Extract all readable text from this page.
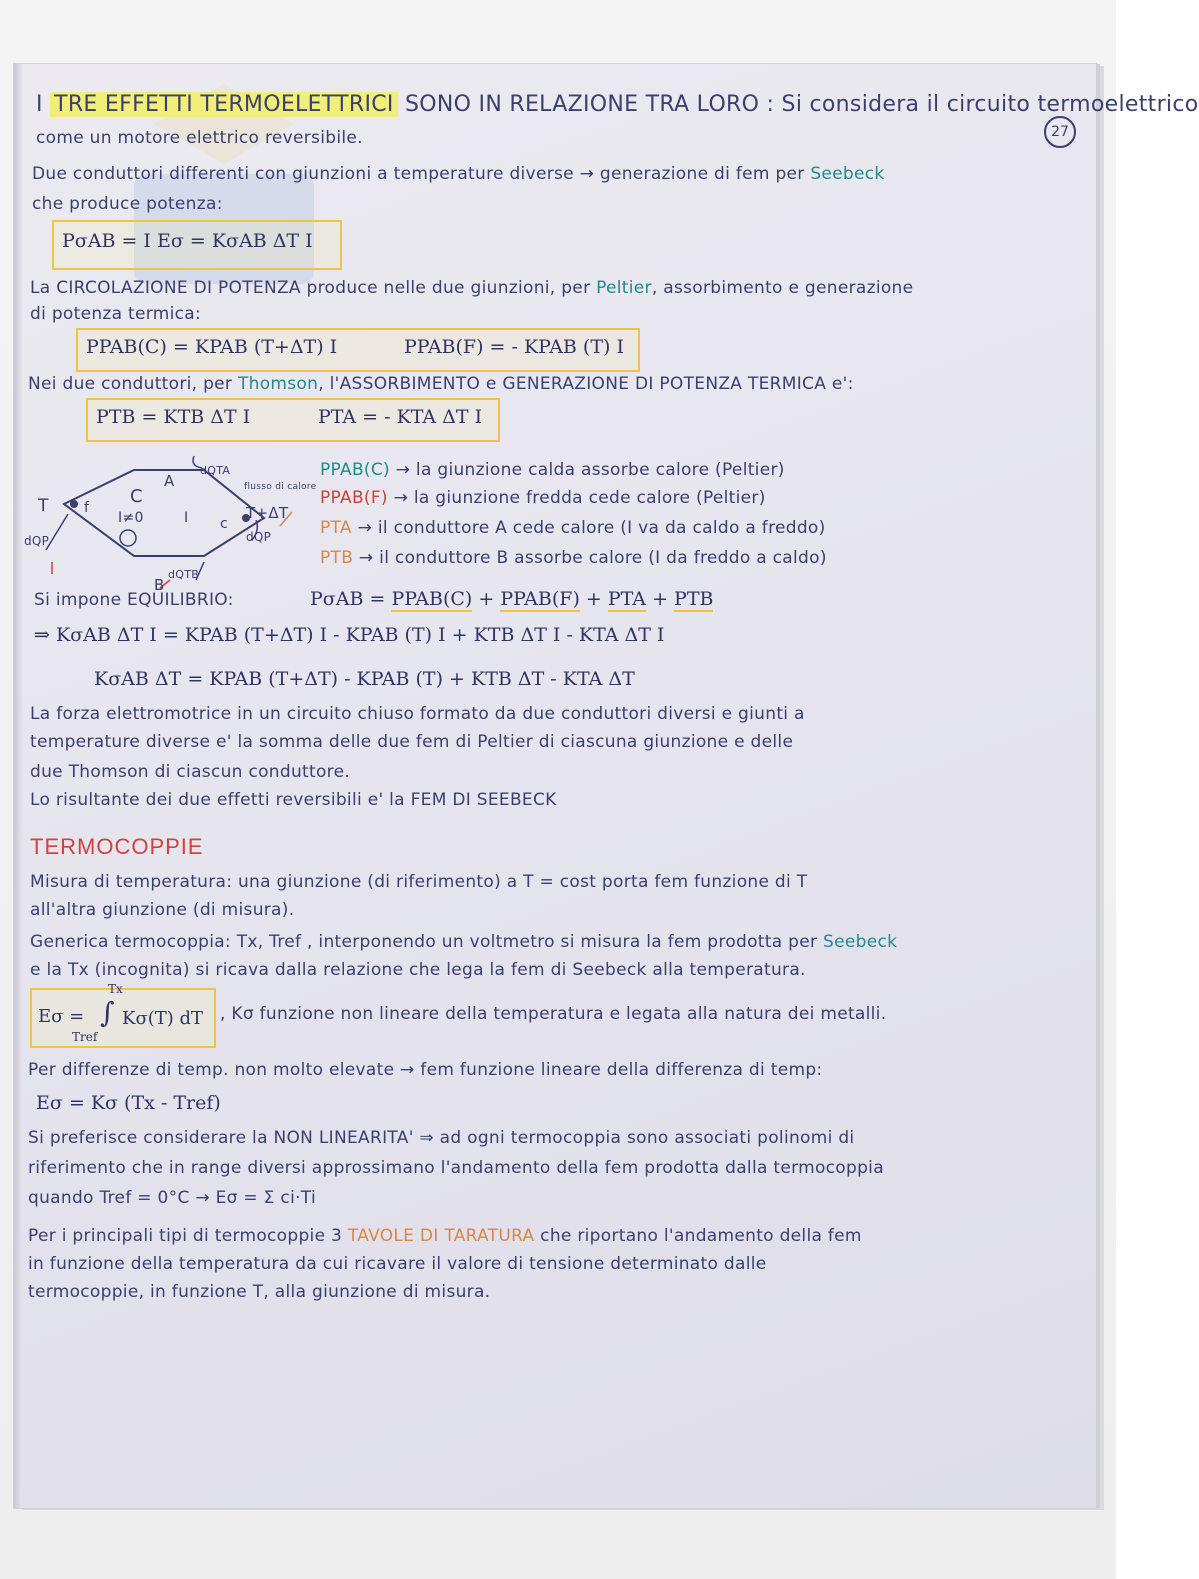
27
I TRE EFFETTI TERMOELETTRICI SONO IN RELAZIONE TRA LORO : Si considera il circuito termoelettrico
come un motore elettrico reversibile.
Due conduttori differenti con giunzioni a temperature diverse → generazione di fem per Seebeck
che produce potenza:
PσAB = I Eσ = KσAB ΔT I
La CIRCOLAZIONE DI POTENZA produce nelle due giunzioni, per Peltier, assorbimento e generazione
di potenza termica:
PPAB(C) = KPAB (T+ΔT) I	PPAB(F) = - KPAB (T) I
Nei due conduttori, per Thomson, l'ASSORBIMENTO e GENERAZIONE DI POTENZA TERMICA e':
PTB = KTB ΔT I	PTA = - KTA ΔT I
A
B
T	f
c
C
I≠0	I	T+ΔT
dQTA
dQP
dQP
dQTB
flusso di calore
PPAB(C) → la giunzione calda assorbe calore (Peltier)
PPAB(F) → la giunzione fredda cede calore (Peltier)
PTA → il conduttore A cede calore (I va da caldo a freddo)
PTB → il conduttore B assorbe calore (I da freddo a caldo)
Si impone EQUILIBRIO:	PσAB = PPAB(C) + PPAB(F) + PTA + PTB
⇒ KσAB ΔT I = KPAB (T+ΔT) I - KPAB (T) I + KTB ΔT I - KTA ΔT I
KσAB ΔT = KPAB (T+ΔT) - KPAB (T) + KTB ΔT - KTA ΔT
La forza elettromotrice in un circuito chiuso formato da due conduttori diversi e giunti a
temperature diverse e' la somma delle due fem di Peltier di ciascuna giunzione e delle
due Thomson di ciascun conduttore.
Lo risultante dei due effetti reversibili e' la FEM DI SEEBECK
TERMOCOPPIE
Misura di temperatura: una giunzione (di riferimento) a T = cost porta fem funzione di T
all'altra giunzione (di misura).
Generica termocoppia: Tx, Tref , interponendo un voltmetro si misura la fem prodotta per Seebeck
e la Tx (incognita) si ricava dalla relazione che lega la fem di Seebeck alla temperatura.
Eσ =
Tx
∫ Kσ(T) dT
Tref
, Kσ funzione non lineare della temperatura e legata alla natura dei metalli.
Per differenze di temp. non molto elevate → fem funzione lineare della differenza di temp:
Eσ = Kσ (Tx - Tref)
Si preferisce considerare la NON LINEARITA' ⇒ ad ogni termocoppia sono associati polinomi di
riferimento che in range diversi approssimano l'andamento della fem prodotta dalla termocoppia
quando Tref = 0°C → Eσ = Σ ci·Ti
Per i principali tipi di termocoppie 3 TAVOLE DI TARATURA che riportano l'andamento della fem
in funzione della temperatura da cui ricavare il valore di tensione determinato dalle
termocoppie, in funzione T, alla giunzione di misura.
